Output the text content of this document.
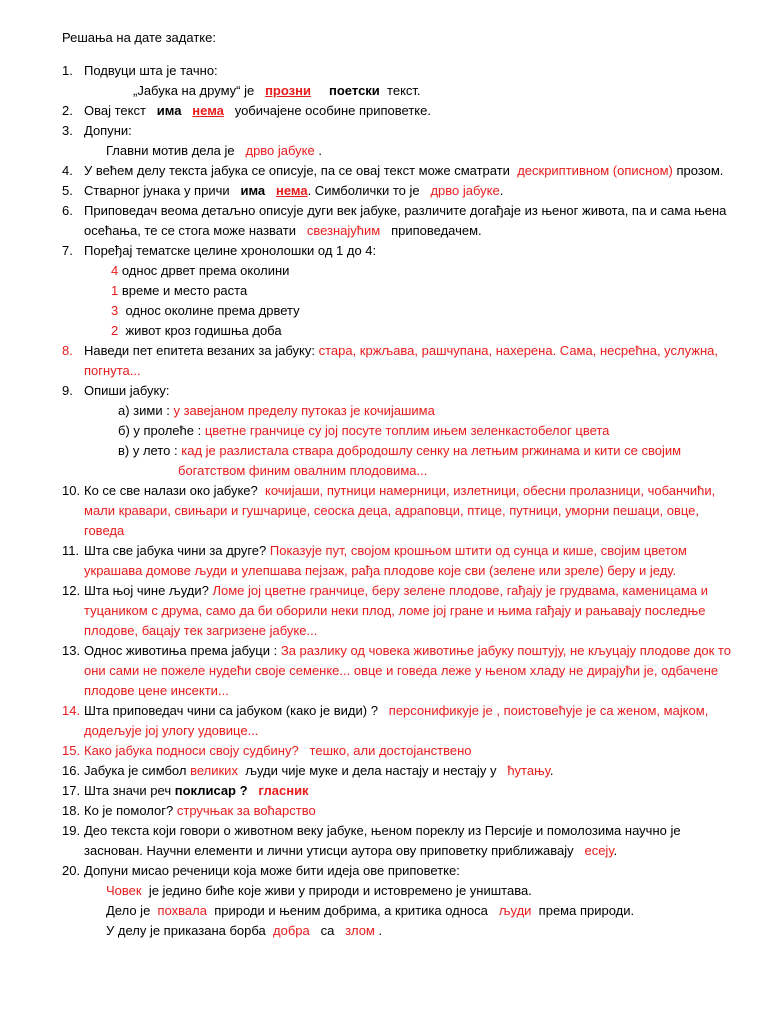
Решања на дате задатке:
1. Подвуци шта је тачно:
„Јабука на друму“ је прозни поетски текст.
2. Овај текст има нема уобичајене особине приповетке.
3. Допуни:
Главни мотив дела је дрво јабуке .
4. У већем делу текста јабука се описује, па се овај текст може сматрати дескриптивном (описном) прозом.
5. Стварног јунака у причи има нема. Симболички то је дрво јабуке.
6. Приповедач веома детаљно описује дуги век јабуке, различите догађаје из њеног живота, па и сама њена
осећања, те се стога може назвати свезнајућим приповедачем.
7. Поређај тематске целине хронолошки од 1 до 4:
4 однос дрвет према околини
1 време и место раста
3 однос околине према дрвету
2 живот кроз годишња доба
8. Наведи пет епитета везаних за јабуку: стара, кржљава, рашчупана, нахерена. Сама, несрећна, услужна,
погнута...
9. Опиши јабуку:
а) зими : у завејаном пределу путоказ је кочијашима
б) у пролеће : цветне гранчице су јој посуте топлим ињем зеленкастобелог цвета
в) у лето : кад је разлистала ствара добродошлу сенку на летњим prжинама и кити се својим
богатством финим овалним плодовима...
10. Ко се све налази око јабуке? кочијаши, путници намерници, излетници, обесни пролазници, чобанчићи,
мали кравари, свињари и гушчарице, сеоска деца, адраповци, птице, путници, уморни пешаци, овце,
говеда
11. Шта све јабука чини за друге? Показује пут, својом крошњом штити од сунца и кише, својим цветом
украшава домове људи и улепшава пејзаж, рађа плодове које сви (зелене или зреле) беру и једу.
12. Шта њој чине људи? Ломе јој цветне гранчице, беру зелене плодове, гађају је грудвама, каменицама и
туцаником с друма, само да би оборили неки плод, ломе јој гране и њима гађају и рањавају последње
плодове, бацају тек загризене јабуке...
13. Однос животиња према јабуци : За разлику од човека животиње јабуку поштују, не кљуцају плодове док то
они сами не пожеле нудећи своје семенке... овце и говеда леже у њеном хладу не дирајући је, одбачене
плодове цене инсекти...
14. Шта приповедач чини са јабуком (како је види) ? персонификује је , поистовећује је са женом, мајком,
додељује јој улогу удовице...
15. Како јабука подноси своју судбину? тешко, али достојанствено
16. Јабука је симбол великих људи чије муке и дела настају и нестају у ћутању.
17. Шта значи реч поклисар ? гласник
18. Ко је помолог? стручњак за воћарство
19. Део текста који говори о животном веку јабуке, њеном пореклу из Персије и помолозима научно је
заснован. Научни елементи и лични утисци аутора ову приповетку приближавају есеју.
20. Допуни мисао реченици која може бити идеја ове приповетке:
Човек је једино биће које живи у природи и истовремено је уништава.
Дело је похвала природи и њеним добрима, а критика односа људи према природи.
У делу је приказана борба добра са злом .
